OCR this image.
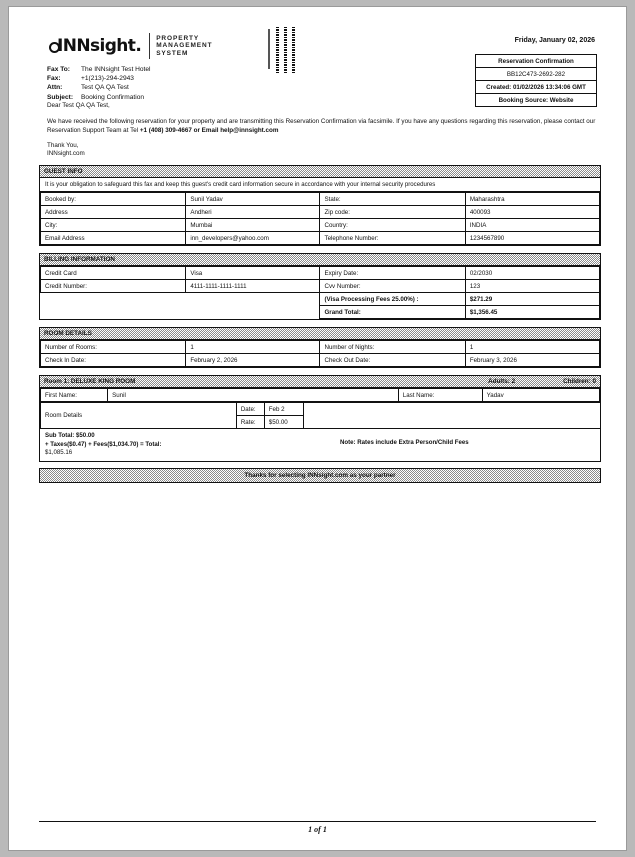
INNsight. PROPERTY
MANAGEMENT
SYSTEM
Friday, January 02, 2026
Reservation Confirmation
BB12C473-2692-282
Created: 01/02/2026 13:34:06 GMT
Booking Source: Website
Fax To:	The INNsight Test Hotel
Fax:	+1(213)-294-2943
Attn:	Test QA QA Test
Subject:	Booking Confirmation
Dear Test QA QA Test,
We have received the following reservation for your property and are transmitting this Reservation Confirmation via facsimile. If you have any questions regarding this reservation, please contact our Reservation Support Team at Tel +1 (408) 309-4667 or Email help@innsight.com
Thank You,
INNsight.com
GUEST INFO
It is your obligation to safeguard this fax and keep this guest's credit card information secure in accordance with your internal security procedures
Booked by:	Sunil Yadav	State:	Maharashtra
Address	Andheri	Zip code:	400093
City:	Mumbai	Country:	INDIA
Email Address	inn_developers@yahoo.com	Telephone Number:	1234567890
BILLING INFORMATION
Credit Card	Visa	Expiry Date:	02/2030
Credit Number:	4111-1111-1111-1111	Cvv Number:	123
		(Visa Processing Fees 25.00%) :	$271.29
		Grand Total:	$1,356.45
ROOM DETAILS
Number of Rooms:	1	Number of Nights:	1
Check In Date:	February 2, 2026	Check Out Date:	February 3, 2026
Room 1: DELUXE KING ROOM	Adults: 2	Children: 0
First Name:	Sunil	Last Name:	Yadav
Room Details	Date:	Feb 2	
	Rate:	$50.00	
Sub Total: $50.00
+ Taxes($0.47) + Fees($1,034.70) = Total:
$1,085.16
Note: Rates include Extra Person/Child Fees
Thanks for selecting INNsight.com as your partner
1 of 1
